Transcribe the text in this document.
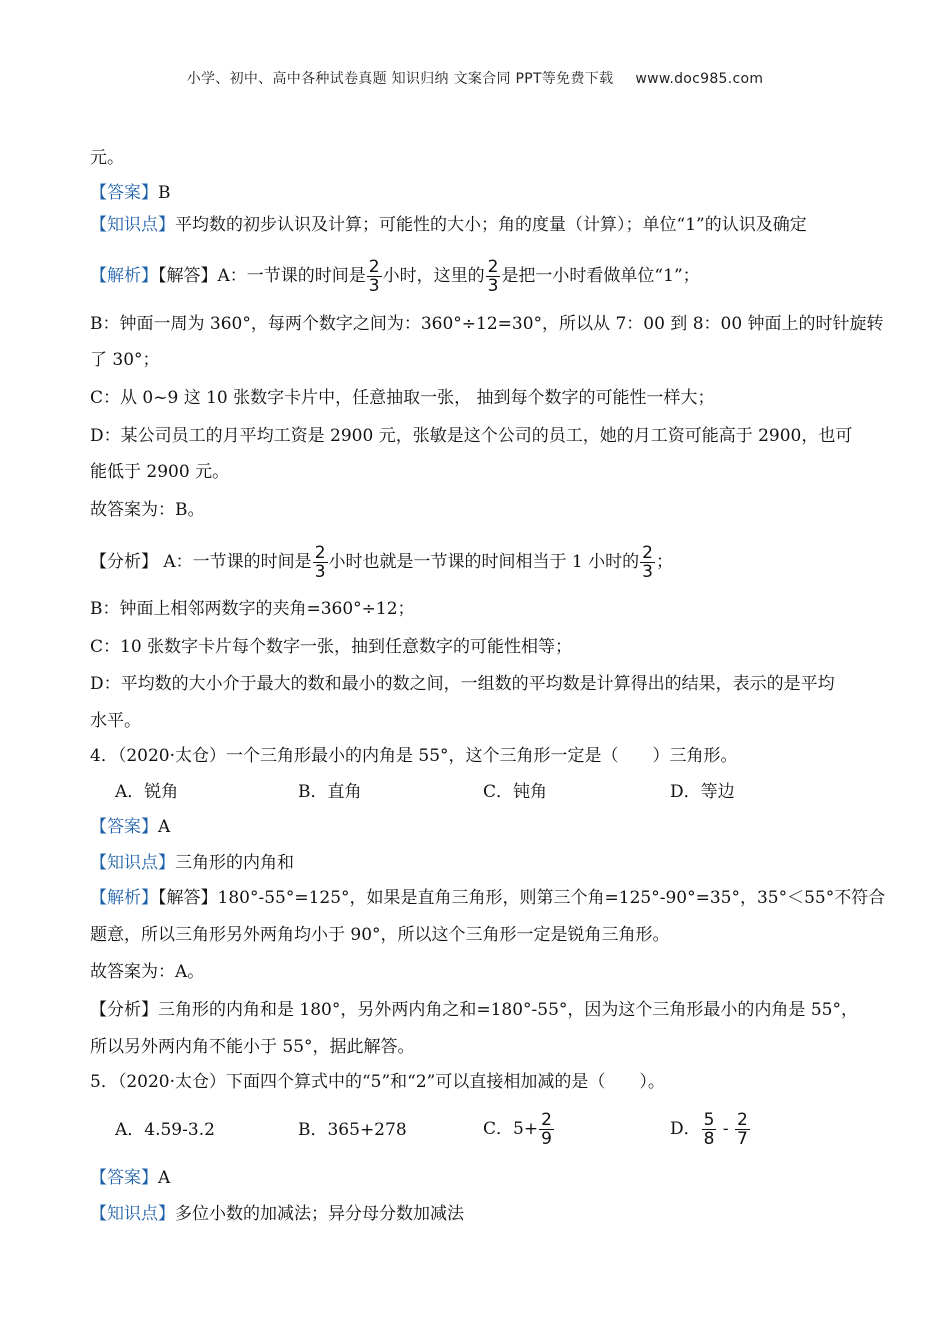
小学、初中、高中各种试卷真题 知识归纳 文案合同 PPT等免费下载 www.doc985.com
元。
【答案】B
【知识点】平均数的初步认识及计算；可能性的大小；角的度量（计算）；单位“1”的认识及确定
【解析】【解答】A：一节课的时间是 $\frac{2}{3}$ 小时，这里的 $\frac{2}{3}$ 是把一小时看做单位“1”；
B：钟面一周为 360°，每两个数字之间为：360°÷12=30°，所以从 7：00 到 8：00 钟面上的时针旋转
了 30°；
C：从 0~9 这 10 张数字卡片中，任意抽取一张， 抽到每个数字的可能性一样大；
D：某公司员工的月平均工资是 2900 元，张敏是这个公司的员工，她的月工资可能高于 2900，也可
能低于 2900 元。
故答案为：B。
【分析】 A：一节课的时间是 $\frac{2}{3}$ 小时也就是一节课的时间相当于 1 小时的 $\frac{2}{3}$ ；
B：钟面上相邻两数字的夹角=360°÷12；
C：10 张数字卡片每个数字一张，抽到任意数字的可能性相等；
D：平均数的大小介于最大的数和最小的数之间，一组数的平均数是计算得出的结果，表示的是平均
水平。
4．（2020·太仓）一个三角形最小的内角是 55°，这个三角形一定是（　　）三角形。
A．锐角	B．直角	C．钝角	D．等边
【答案】A
【知识点】三角形的内角和
【解析】【解答】180°-55°=125°，如果是直角三角形，则第三个角=125°-90°=35°，35°＜55°不符合
题意，所以三角形另外两角均小于 90°，所以这个三角形一定是锐角三角形。
故答案为：A。
【分析】三角形的内角和是 180°，另外两内角之和=180°-55°，因为这个三角形最小的内角是 55°，
所以另外两内角不能小于 55°，据此解答。
5．（2020·太仓）下面四个算式中的“5”和“2”可以直接相加减的是（　　）。
A．4.59-3.2	B．365+278	C．$5+ \frac{2}{9}$	D． $\frac{5}{8} - \frac{2}{7}$
【答案】A
【知识点】多位小数的加减法；异分母分数加减法
